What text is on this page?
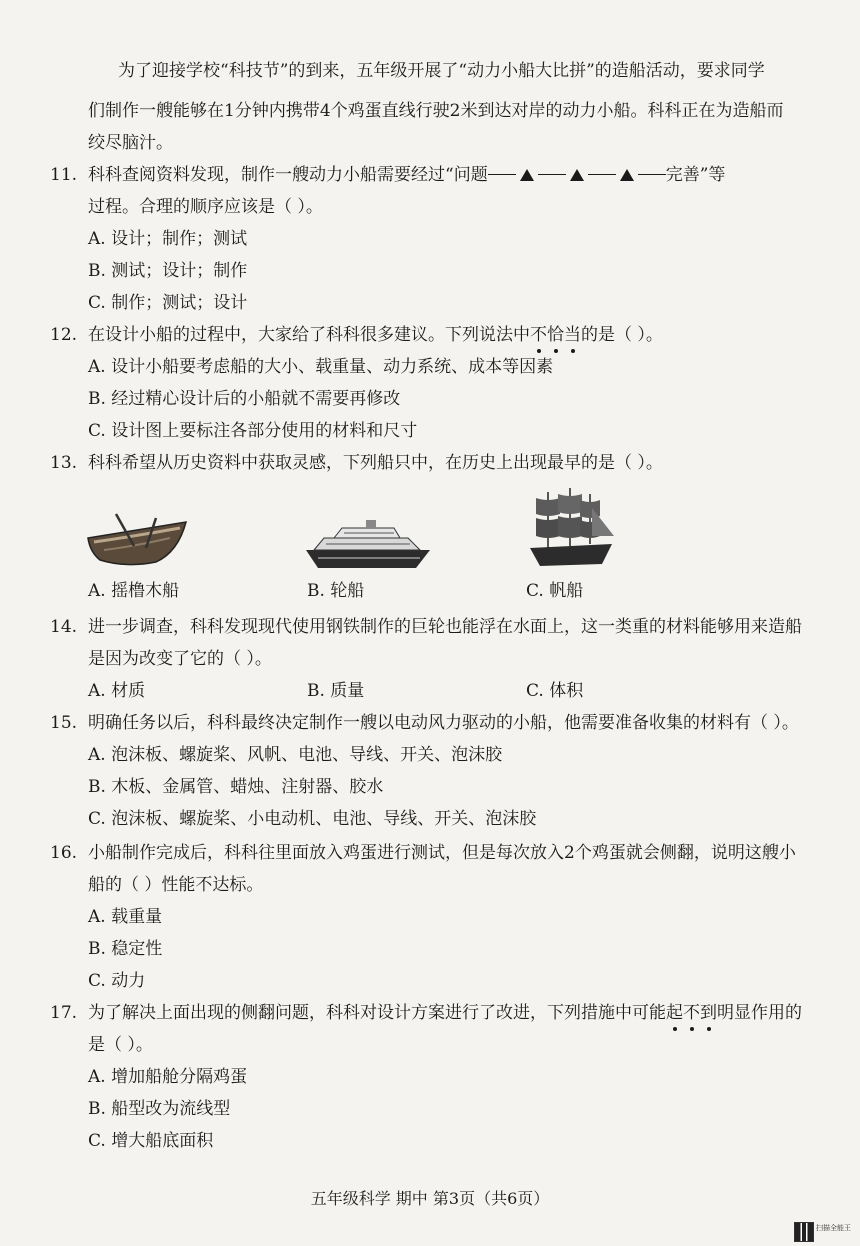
为了迎接学校“科技节”的到来，五年级开展了“动力小船大比拼”的造船活动，要求同学
们制作一艘能够在1分钟内携带4个鸡蛋直线行驶2米到达对岸的动力小船。科科正在为造船而
绞尽脑汁。
11. 科科查阅资料发现，制作一艘动力小船需要经过“问题	完善”等
过程。合理的顺序应该是（ ）。
A. 设计；制作；测试
B. 测试；设计；制作
C. 制作；测试；设计
12. 在设计小船的过程中，大家给了科科很多建议。下列说法中不恰当的是（ ）。
A. 设计小船要考虑船的大小、载重量、动力系统、成本等因素
B. 经过精心设计后的小船就不需要再修改
C. 设计图上要标注各部分使用的材料和尺寸
13. 科科希望从历史资料中获取灵感，下列船只中，在历史上出现最早的是（ ）。
A. 摇橹木船	B. 轮船	C. 帆船
14. 进一步调查，科科发现现代使用钢铁制作的巨轮也能浮在水面上，这一类重的材料能够用来造船
是因为改变了它的（ ）。
A. 材质	B. 质量	C. 体积
15. 明确任务以后，科科最终决定制作一艘以电动风力驱动的小船，他需要准备收集的材料有（ ）。
A. 泡沫板、螺旋桨、风帆、电池、导线、开关、泡沫胶
B. 木板、金属管、蜡烛、注射器、胶水
C. 泡沫板、螺旋桨、小电动机、电池、导线、开关、泡沫胶
16. 小船制作完成后，科科往里面放入鸡蛋进行测试，但是每次放入2个鸡蛋就会侧翻，说明这艘小
船的（ ）性能不达标。
A. 载重量
B. 稳定性
C. 动力
17. 为了解决上面出现的侧翻问题，科科对设计方案进行了改进，下列措施中可能起不到明显作用的
是（ ）。
A. 增加船舱分隔鸡蛋
B. 船型改为流线型
C. 增大船底面积
五年级科学 期中 第3页（共6页）
扫描全能王
